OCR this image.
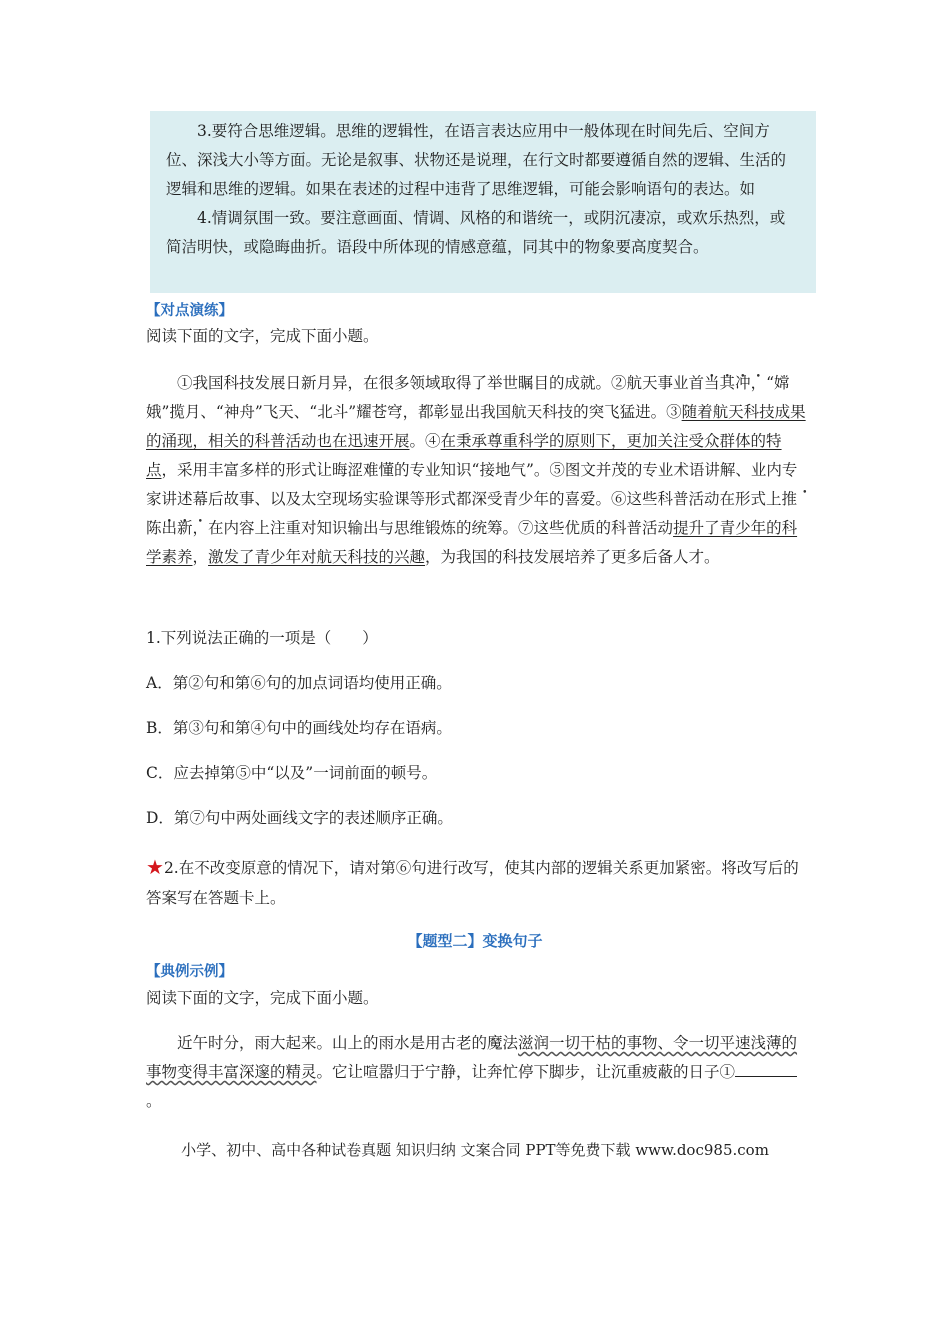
3.要符合思维逻辑。思维的逻辑性，在语言表达应用中一般体现在时间先后、空间方位、深浅大小等方面。无论是叙事、状物还是说理，在行文时都要遵循自然的逻辑、生活的逻辑和思维的逻辑。如果在表述的过程中违背了思维逻辑，可能会影响语句的表达。如

4.情调氛围一致。要注意画面、情调、风格的和谐统一，或阴沉凄凉，或欢乐热烈，或简洁明快，或隐晦曲折。语段中所体现的情感意蕴，同其中的物象要高度契合。

【对点演练】
阅读下面的文字，完成下面小题。

①我国科技发展日新月异，在很多领域取得了举世瞩目的成就。②航天事业首当其冲，“嫦娥”揽月、“神舟”飞天、“北斗”耀苍穹，都彰显出我国航天科技的突飞猛进。③随着航天科技成果的涌现，相关的科普活动也在迅速开展。④在秉承尊重科学的原则下，更加关注受众群体的特点，采用丰富多样的形式让晦涩难懂的专业知识“接地气”。⑤图文并茂的专业术语讲解、业内专家讲述幕后故事、以及太空现场实验课等形式都深受青少年的喜爱。⑥这些科普活动在形式上推陈出新，在内容上注重对知识输出与思维锻炼的统筹。⑦这些优质的科普活动提升了青少年的科学素养，激发了青少年对航天科技的兴趣，为我国的科技发展培养了更多后备人才。

1.下列说法正确的一项是（　　）
A．第②句和第⑥句的加点词语均使用正确。
B．第③句和第④句中的画线处均存在语病。
C．应去掉第⑤中“以及”一词前面的顿号。
D．第⑦句中两处画线文字的表述顺序正确。
★2.在不改变原意的情况下，请对第⑥句进行改写，使其内部的逻辑关系更加紧密。将改写后的答案写在答题卡上。
【题型二】变换句子
【典例示例】
阅读下面的文字，完成下面小题。

近午时分，雨大起来。山上的雨水是用古老的魔法滋润一切干枯的事物、令一切平速浅薄的事物变得丰富深邃的精灵。它让喧嚣归于宁静，让奔忙停下脚步，让沉重疲蔽的日子①。

小学、初中、高中各种试卷真题 知识归纳 文案合同 PPT等免费下载 www.doc985.com
